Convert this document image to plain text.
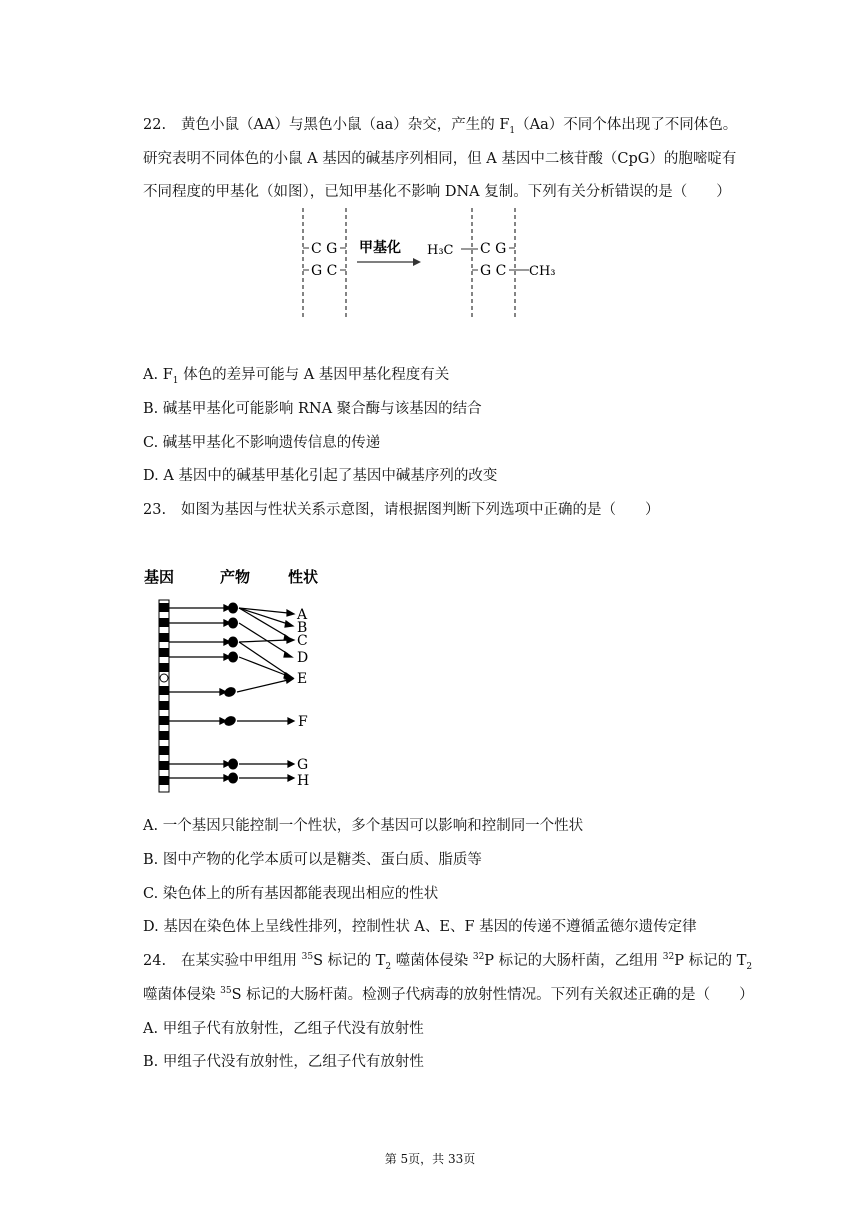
22. 黄色小鼠（AA）与黑色小鼠（aa）杂交，产生的 $F_1(Aa)$不同个体出现了不同体色。
研究表明不同体色的小鼠 A 基因的碱基序列相同，但 A 基因中二核苷酸（CpG）的胞嘧啶有
不同程度的甲基化（如图），已知甲基化不影响 DNA 复制。下列有关分析错误的是（　　）
C G
G C
甲基化 H₃C C G
G C CH₃
A. $F_1$ 体色的差异可能与 A 基因甲基化程度有关
B. 碱基甲基化可能影响 RNA 聚合酶与该基因的结合
C. 碱基甲基化不影响遗传信息的传递
D. A 基因中的碱基甲基化引起了基因中碱基序列的改变
23. 如图为基因与性状关系示意图，请根据图判断下列选项中正确的是（　　）
基因	产物	性状
A
B
C
D
E
F
G
H
A. 一个基因只能控制一个性状，多个基因可以影响和控制同一个性状
B. 图中产物的化学本质可以是糖类、蛋白质、脂质等
C. 染色体上的所有基因都能表现出相应的性状
D. 基因在染色体上呈线性排列，控制性状 A、E、F 基因的传递不遵循孟德尔遗传定律
24. 在某实验中甲组用 $^{35}$S 标记的 $T_2$ 噬菌体侵染 $^{32}$P 标记的大肠杆菌，乙组用 $^{32}$P 标记的 $T_2$
噬菌体侵染 $^{35}$S 标记的大肠杆菌。检测子代病毒的放射性情况。下列有关叙述正确的是（　　）
A. 甲组子代有放射性，乙组子代没有放射性
B. 甲组子代没有放射性，乙组子代有放射性
第 5页，共 33页
